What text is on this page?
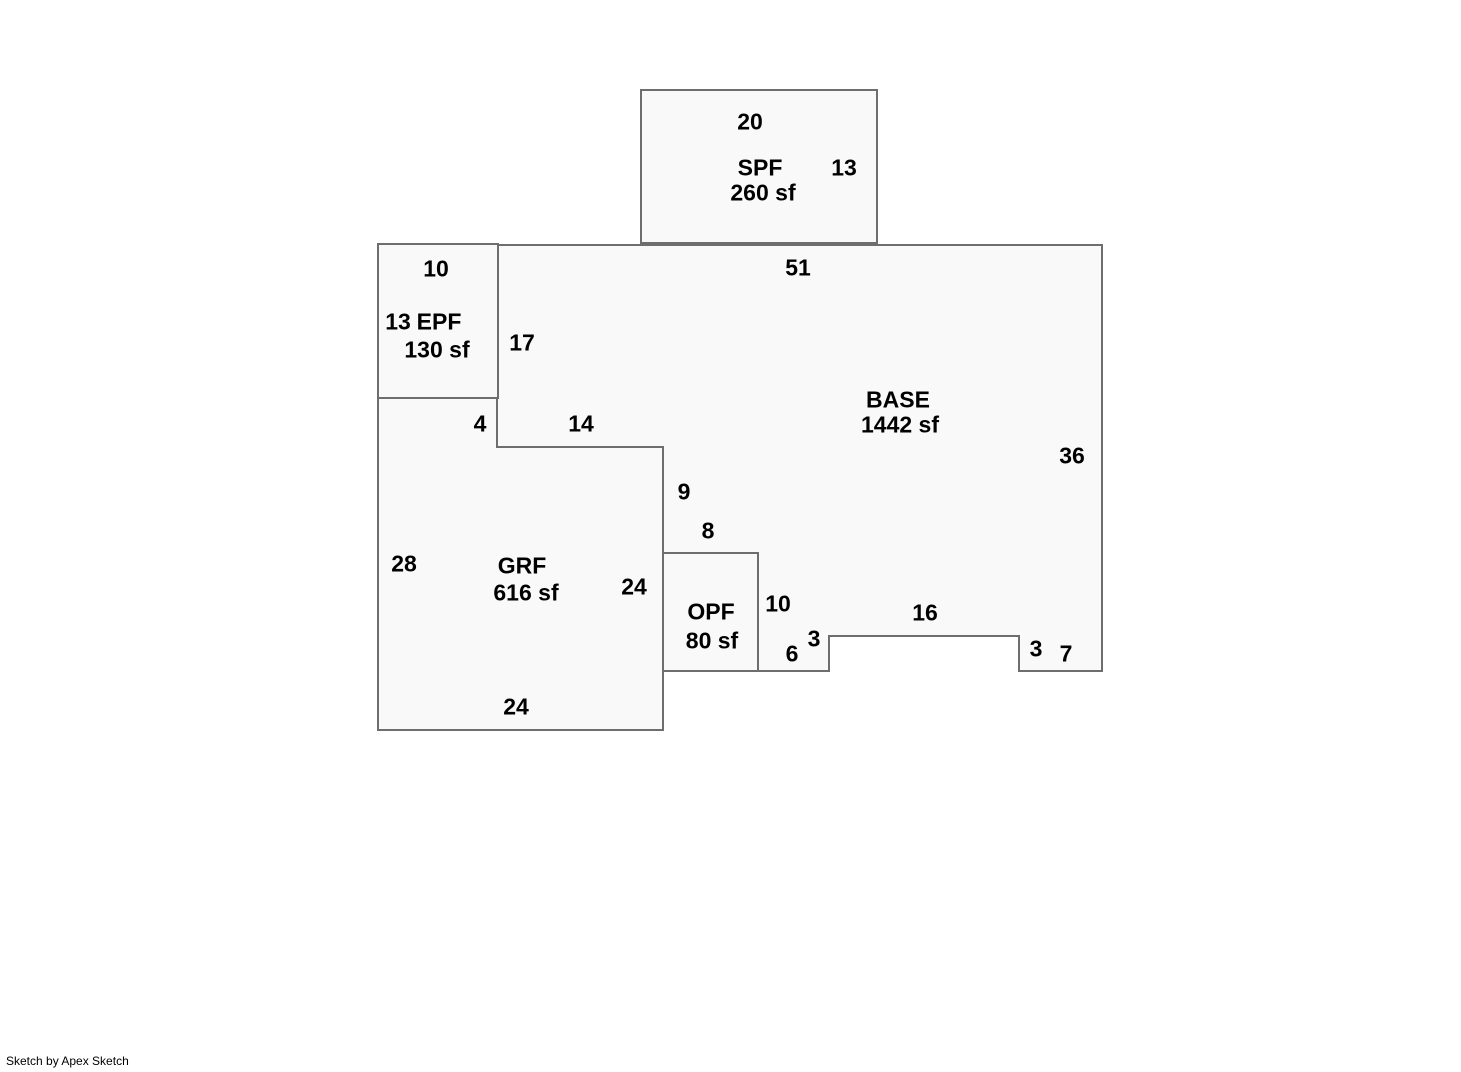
20
SPF 13
260 sf
10
13 EPF
130 sf
51
17
BASE
1442 sf
36
4	14
28	GRF
616 sf	24
24
9
8
OPF
80 sf
10
6
3
16
3 7
Sketch by Apex Sketch
